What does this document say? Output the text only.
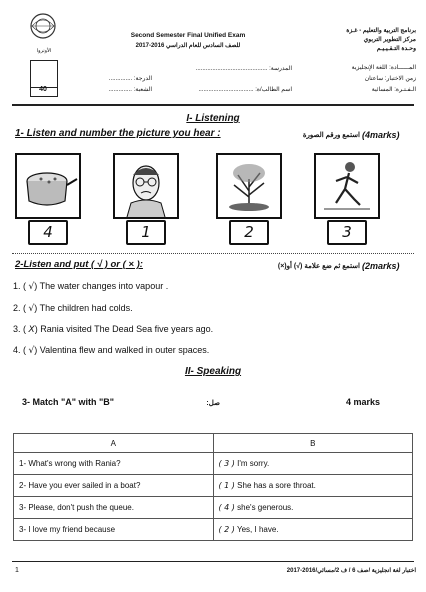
الأونروا
40
Second Semester Final Unified Exam
للصف السادس للعام الدراسي 2016-2017
برنامج التربية والتعليم - غـزة
مركز التطوير التربوي
وحـدة التـقـيـيـم
المــــــادة: اللغة الإنجليزية
زمن الاختبار: ساعتان
الـفـتـرة: المسائية
المدرسة: ...........................................
اسم الطالب/ة: .................................
الدرجة: ..............
الشعبة: ..............
I- Listening
1- Listen and number the picture you hear :	استمع ورقم الصورة (4marks)
4	1	2	3
2-Listen and put ( √ ) or ( × ):	استمع ثم ضع علامة (√) أو(×) (2marks)
1. ( √) The water changes into vapour .
2. ( √) The children had colds.
3. ( X) Rania visited The Dead Sea five years ago.
4. ( √) Valentina flew and walked in outer spaces.
II- Speaking
3- Match "A" with "B"	صل:	4 marks
A	B
1- What's wrong with Rania?	( 3 ) I'm sorry.
2- Have you ever sailed in a boat?	( 1 ) She has a sore throat.
3- Please, don't push the queue.	( 4 ) she's generous.
3- I love my friend because	( 2 ) Yes, I have.
1	اختبار لغة انجليزية /صف 6 / ف 2/مسائي/2016-2017
